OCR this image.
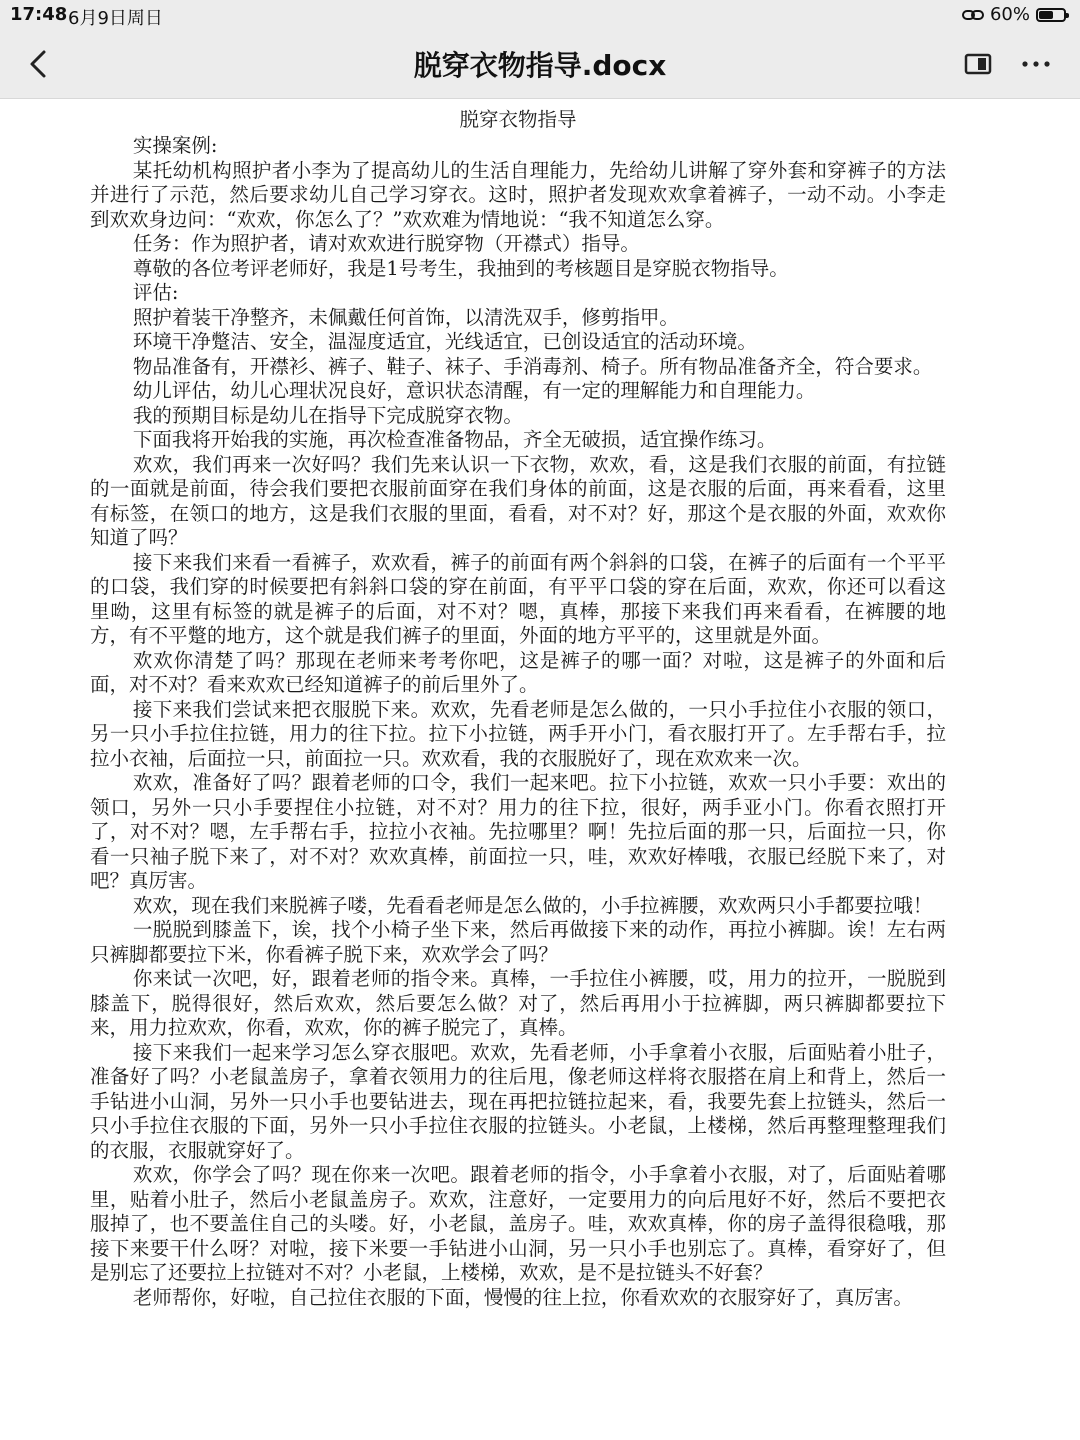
17:48 6月9日周日	60%
脱穿衣物指导.docx
脱穿衣物指导

实操案例:

某托幼机构照护者小李为了提高幼儿的生活自理能力，先给幼儿讲解了穿外套和穿裤子的方法并进行了示范，然后要求幼儿自己学习穿衣。这时，照护者发现欢欢拿着裤子，一动不动。小李走到欢欢身边问：“欢欢，你怎么了？”欢欢难为情地说：“我不知道怎么穿。

任务：作为照护者，请对欢欢进行脱穿物（开襟式）指导。

尊敬的各位考评老师好，我是1号考生，我抽到的考核题目是穿脱衣物指导。

评估:

照护着装干净整齐，未佩戴任何首饰，以清洗双手，修剪指甲。

环境干净蹩洁、安全，温湿度适宜，光线适宜，已创设适宜的活动环境。

物品准备有，开襟衫、裤子、鞋子、袜子、手消毒剂、椅子。所有物品准备齐全，符合要求。

幼儿评估，幼儿心理状况良好，意识状态清醒，有一定的理解能力和自理能力。

我的预期目标是幼儿在指导下完成脱穿衣物。

下面我将开始我的实施，再次检查准备物品，齐全无破损，适宜操作练习。

欢欢，我们再来一次好吗？我们先来认识一下衣物，欢欢，看，这是我们衣服的前面，有拉链的一面就是前面，待会我们要把衣服前面穿在我们身体的前面，这是衣服的后面，再来看看，这里有标签，在领口的地方，这是我们衣服的里面，看看，对不对？好，那这个是衣服的外面，欢欢你知道了吗？

接下来我们来看一看裤子，欢欢看，裤子的前面有两个斜斜的口袋，在裤子的后面有一个平平的口袋，我们穿的时候要把有斜斜口袋的穿在前面，有平平口袋的穿在后面，欢欢，你还可以看这里呦，这里有标签的就是裤子的后面，对不对？嗯，真棒，那接下来我们再来看看，在裤腰的地方，有不平蹩的地方，这个就是我们裤子的里面，外面的地方平平的，这里就是外面。

欢欢你清楚了吗？那现在老师来考考你吧，这是裤子的哪一面？对啦，这是裤子的外面和后面，对不对？看来欢欢已经知道裤子的前后里外了。

接下来我们尝试来把衣服脱下来。欢欢，先看老师是怎么做的，一只小手拉住小衣服的领口，另一只小手拉住拉链，用力的往下拉。拉下小拉链，两手开小门，看衣服打开了。左手帮右手，拉拉小衣袖，后面拉一只，前面拉一只。欢欢看，我的衣服脱好了，现在欢欢来一次。

欢欢，准备好了吗？跟着老师的口令，我们一起来吧。拉下小拉链，欢欢一只小手要：欢出的领口，另外一只小手要捏住小拉链，对不对？用力的往下拉，很好，两手亚小门。你看衣照打开了，对不对？嗯，左手帮右手，拉拉小衣袖。先拉哪里？啊！先拉后面的那一只，后面拉一只，你看一只袖子脱下来了，对不对？欢欢真棒，前面拉一只，哇，欢欢好棒哦，衣服已经脱下来了，对吧？真厉害。

欢欢，现在我们来脱裤子喽，先看看老师是怎么做的，小手拉裤腰，欢欢两只小手都要拉哦！

一脱脱到膝盖下，诶，找个小椅子坐下来，然后再做接下来的动作，再拉小裤脚。诶！左右两只裤脚都要拉下米，你看裤子脱下来，欢欢学会了吗？

你来试一次吧，好，跟着老师的指令来。真棒，一手拉住小裤腰，哎，用力的拉开，一脱脱到膝盖下，脱得很好，然后欢欢，然后要怎么做？对了，然后再用小于拉裤脚，两只裤脚都要拉下来，用力拉欢欢，你看，欢欢，你的裤子脱完了，真棒。

接下来我们一起来学习怎么穿衣服吧。欢欢，先看老师，小手拿着小衣服，后面贴着小肚子，准备好了吗？小老鼠盖房子，拿着衣领用力的往后甩，像老师这样将衣服搭在肩上和背上，然后一手钻进小山洞，另外一只小手也要钻进去，现在再把拉链拉起来，看，我要先套上拉链头，然后一只小手拉住衣服的下面，另外一只小手拉住衣服的拉链头。小老鼠，上楼梯，然后再整理整理我们的衣服，衣服就穿好了。

欢欢，你学会了吗？现在你来一次吧。跟着老师的指令，小手拿着小衣服，对了，后面贴着哪里，贴着小肚子，然后小老鼠盖房子。欢欢，注意好，一定要用力的向后甩好不好，然后不要把衣服掉了，也不要盖住自己的头喽。好，小老鼠，盖房子。哇，欢欢真棒，你的房子盖得很稳哦，那接下来要干什么呀？对啦，接下米要一手钻进小山洞，另一只小手也别忘了。真棒，看穿好了，但是别忘了还要拉上拉链对不对？小老鼠，上楼梯，欢欢，是不是拉链头不好套？

老师帮你，好啦，自己拉住衣服的下面，慢慢的往上拉，你看欢欢的衣服穿好了，真厉害。
